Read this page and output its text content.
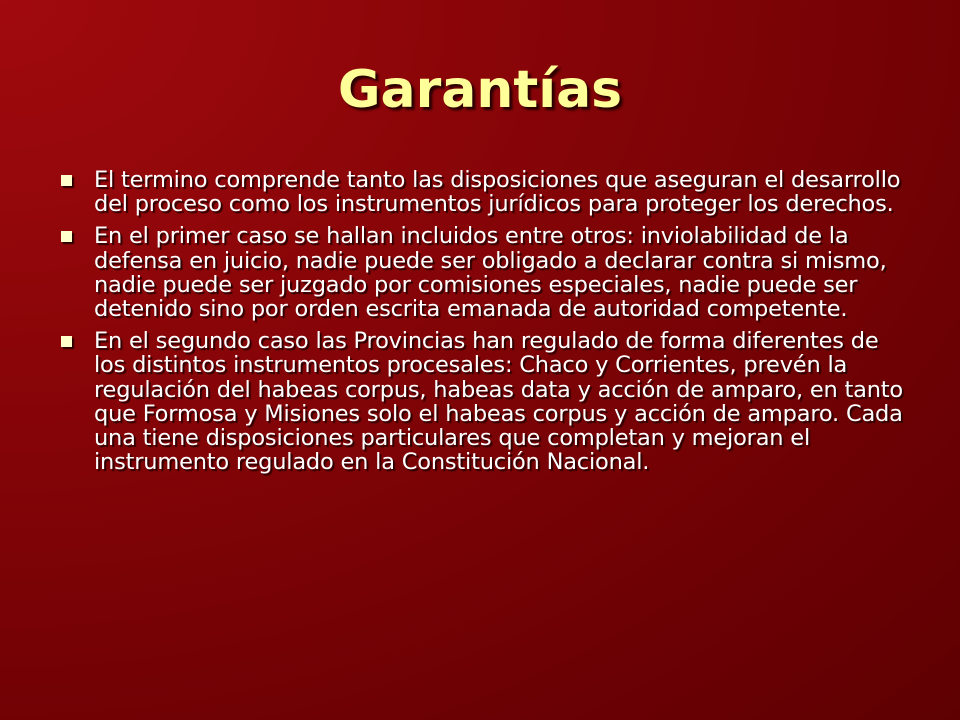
Garantías
El termino comprende tanto las disposiciones que aseguran el desarrollo del proceso como los instrumentos jurídicos para proteger los derechos.
En el primer caso se hallan incluidos entre otros: inviolabilidad de la defensa en juicio, nadie puede ser obligado a declarar contra si mismo, nadie puede ser juzgado por comisiones especiales, nadie puede ser detenido sino por orden escrita emanada de autoridad competente.
En el segundo caso las Provincias han regulado de forma diferentes de los distintos instrumentos procesales: Chaco y Corrientes, prevén la regulación del habeas corpus, habeas data y acción de amparo, en tanto que Formosa y Misiones solo el habeas corpus y acción de amparo. Cada una tiene disposiciones particulares que completan y mejoran el instrumento regulado en la Constitución Nacional.
